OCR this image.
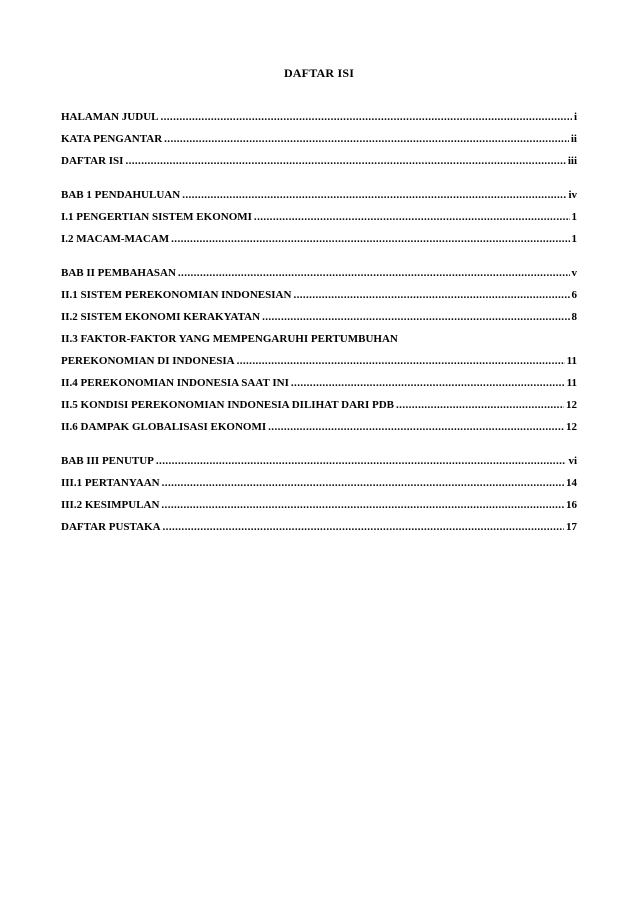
DAFTAR ISI
HALAMAN JUDUL .....	i
KATA PENGANTAR .....	ii
DAFTAR ISI .....	iii
BAB 1 PENDAHULUAN .....	iv
I.1 PENGERTIAN SISTEM EKONOMI .....	1
I.2 MACAM-MACAM .....	1
BAB II PEMBAHASAN .....	v
II.1 SISTEM PEREKONOMIAN INDONESIAN .....	6
II.2 SISTEM EKONOMI KERAKYATAN .....	8
II.3 FAKTOR-FAKTOR YANG MEMPENGARUHI PERTUMBUHAN
PEREKONOMIAN DI INDONESIA .....	11
II.4 PEREKONOMIAN INDONESIA SAAT INI .....	11
II.5 KONDISI PEREKONOMIAN INDONESIA DILIHAT DARI PDB .....	12
II.6 DAMPAK GLOBALISASI EKONOMI .....	12
BAB III PENUTUP .....	vi
III.1 PERTANYAAN .....	14
III.2 KESIMPULAN .....	16
DAFTAR PUSTAKA .....	17
